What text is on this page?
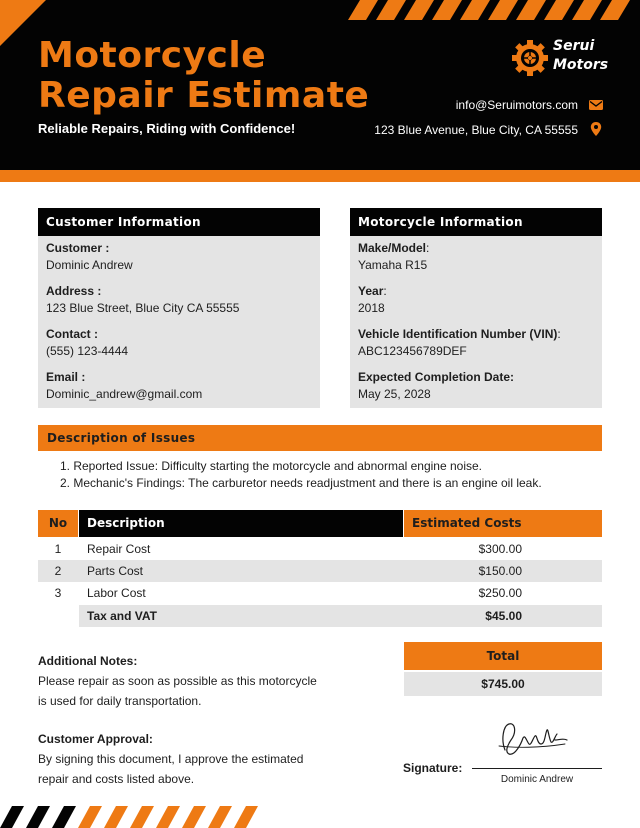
Motorcycle
Repair Estimate
Reliable Repairs, Riding with Confidence!
Serui
Motors
info@Seruimotors.com
123 Blue Avenue, Blue City, CA 55555
Customer Information
Customer :
Dominic Andrew
Address :
123 Blue Street, Blue City CA 55555
Contact :
(555) 123-4444
Email :
Dominic_andrew@gmail.com
Motorcycle Information
Make/Model:
Yamaha R15
Year:
2018
Vehicle Identification Number (VIN):
ABC123456789DEF
Expected Completion Date:
May 25, 2028
Description of Issues
1. Reported Issue: Difficulty starting the motorcycle and abnormal engine noise.
2. Mechanic's Findings: The carburetor needs readjustment and there is an engine oil leak.
No	Description	Estimated Costs
1	Repair Cost	$300.00
2	Parts Cost	$150.00
3	Labor Cost	$250.00
Tax and VAT	$45.00
Total
$745.00
Additional Notes:
Please repair as soon as possible as this motorcycle is used for daily transportation.
Customer Approval:
By signing this document, I approve the estimated repair and costs listed above.
Signature:
Dominic Andrew
